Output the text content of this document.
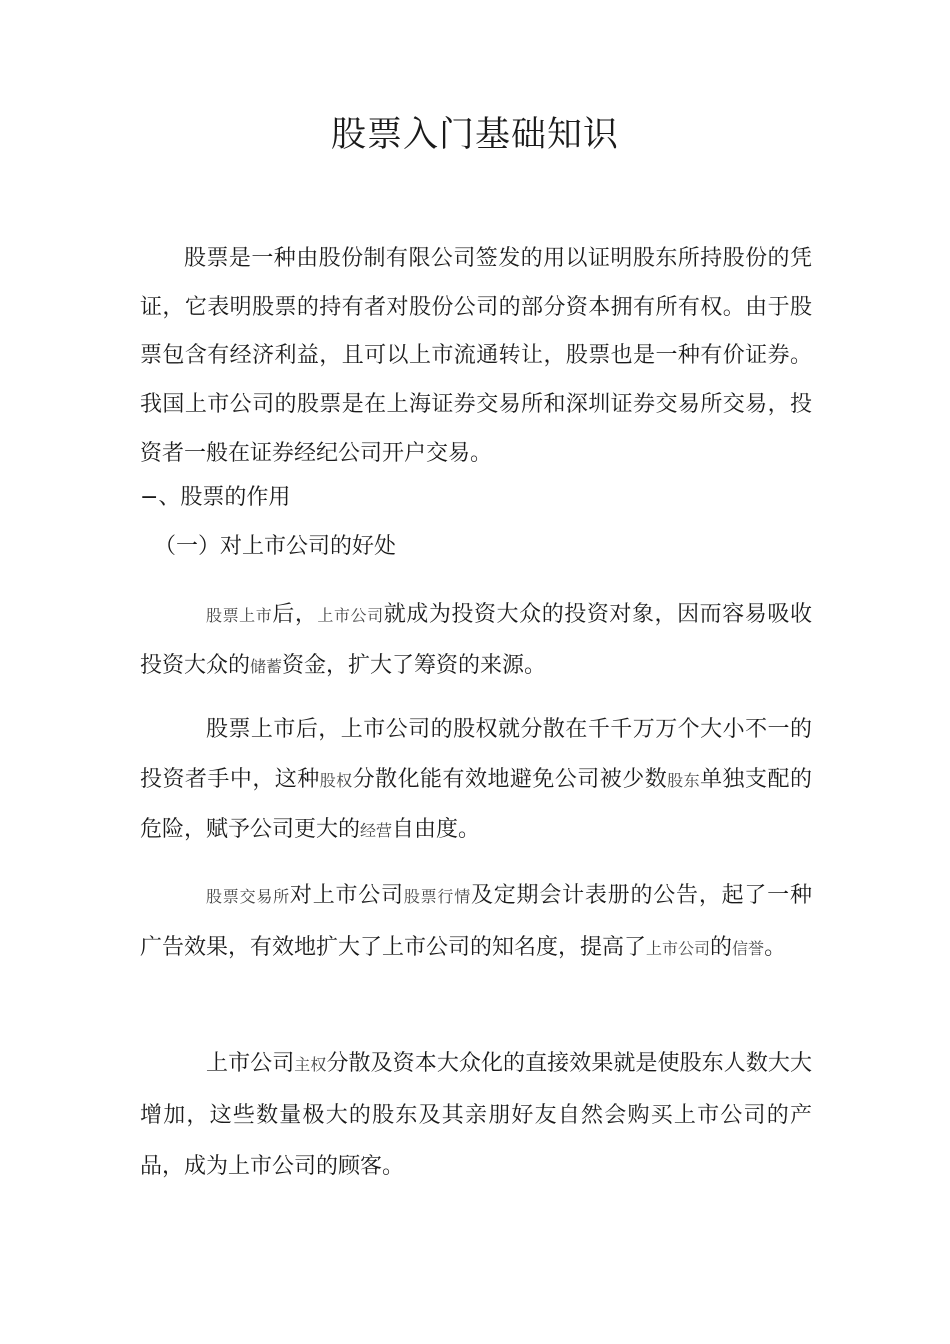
股票入门基础知识

股票是一种由股份制有限公司签发的用以证明股东所持股份的凭证，它表明股票的持有者对股份公司的部分资本拥有所有权。由于股票包含有经济利益，且可以上市流通转让，股票也是一种有价证券。我国上市公司的股票是在上海证券交易所和深圳证券交易所交易，投资者一般在证券经纪公司开户交易。

−、股票的作用
（一）对上市公司的好处

股票上市后，上市公司就成为投资大众的投资对象，因而容易吸收投资大众的储蓄资金，扩大了筹资的来源。

股票上市后，上市公司的股权就分散在千千万万个大小不一的投资者手中，这种股权分散化能有效地避免公司被少数股东单独支配的危险，赋予公司更大的经营自由度。

股票交易所对上市公司股票行情及定期会计表册的公告，起了一种广告效果，有效地扩大了上市公司的知名度，提高了上市公司的信誉。

上市公司主权分散及资本大众化的直接效果就是使股东人数大大增加，这些数量极大的股东及其亲朋好友自然会购买上市公司的产品，成为上市公司的顾客。
